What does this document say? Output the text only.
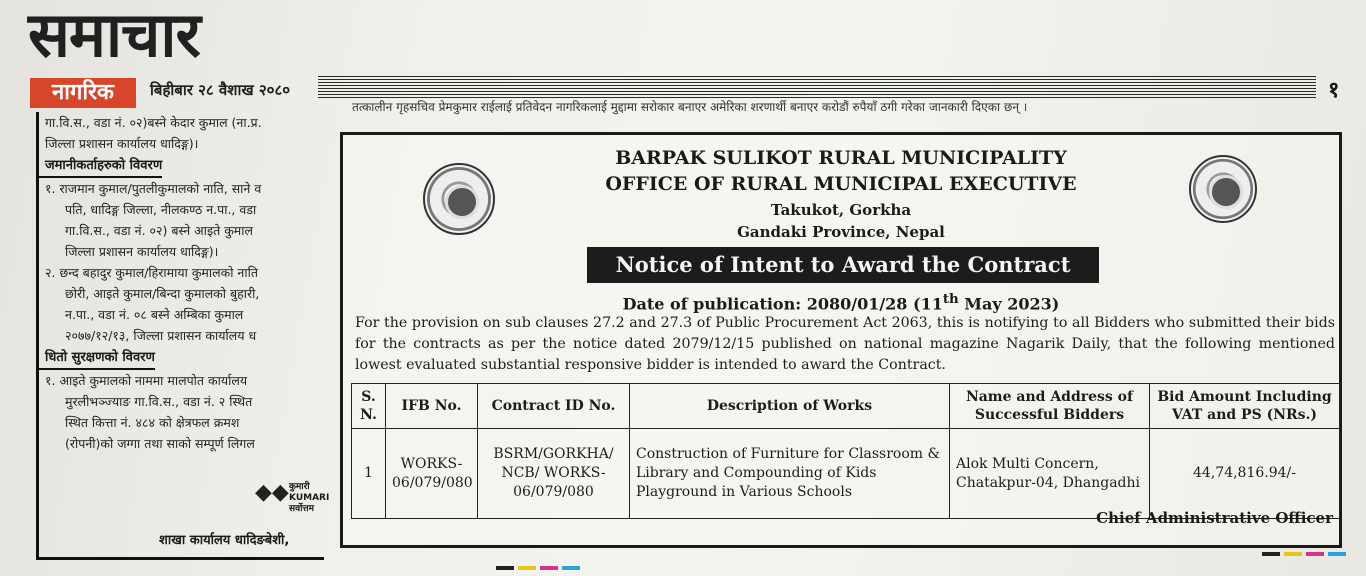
समाचार
नागरिक	बिहीबार २८ वैशाख २०८०	१
तत्कालीन गृहसचिव प्रेमकुमार राईलाई प्रतिवेदन नागरिकलाई मुद्दामा सरोकार बनाएर अमेरिका शरणार्थी बनाएर करोडौं रुपैयाँ ठगी गरेका जानकारी दिएका छन् ।
गा.वि.स., वडा नं. ०२)बस्ने केदार कुमाल (ना.प्र.
जिल्ला प्रशासन कार्यालय धादिङ्ग)।
जमानीकर्ताहरुको विवरण
१. राजमान कुमाल/पुतलीकुमालको नाति, साने व
पति, धादिङ्ग जिल्ला, नीलकण्ठ न.पा., वडा
गा.वि.स., वडा नं. ०२) बस्ने आइते कुमाल
जिल्ला प्रशासन कार्यालय धादिङ्ग)।
२. छन्द बहादुर कुमाल/हिरामाया कुमालको नाति
छोरी, आइते कुमाल/बिन्दा कुमालको बुहारी,
न.पा., वडा नं. ०८ बस्ने अम्बिका कुमाल
२०७७/१२/१३, जिल्ला प्रशासन कार्यालय ध
धितो सुरक्षणको विवरण
१. आइते कुमालको नाममा मालपोत कार्यालय
मुरलीभञ्ज्याङ गा.वि.स., वडा नं. २ स्थित
स्थित कित्ता नं. ४८४ को क्षेत्रफल क्रमश
(रोपनी)को जग्गा तथा साको सम्पूर्ण लिगल
◆◆ कुमारी KUMARI सर्वोत्तम
शाखा कार्यालय धादिङबेशी,
BARPAK SULIKOT RURAL MUNICIPALITY
OFFICE OF RURAL MUNICIPAL EXECUTIVE
Takukot, Gorkha
Gandaki Province, Nepal
Notice of Intent to Award the Contract
Date of publication: 2080/01/28 (11th May 2023)
For the provision on sub clauses 27.2 and 27.3 of Public Procurement Act 2063, this is notifying to all Bidders who submitted their bids for the contracts as per the notice dated 2079/12/15 published on national magazine Nagarik Daily, that the following mentioned lowest evaluated substantial responsive bidder is intended to award the Contract.
S. N.	IFB No.	Contract ID No.	Description of Works	Name and Address of Successful Bidders	Bid Amount Including VAT and PS (NRs.)
1	WORKS-06/079/080	BSRM/GORKHA/ NCB/ WORKS-06/079/080	Construction of Furniture for Classroom & Library and Compounding of Kids Playground in Various Schools	Alok Multi Concern, Chatakpur-04, Dhangadhi	44,74,816.94/-
Chief Administrative Officer
